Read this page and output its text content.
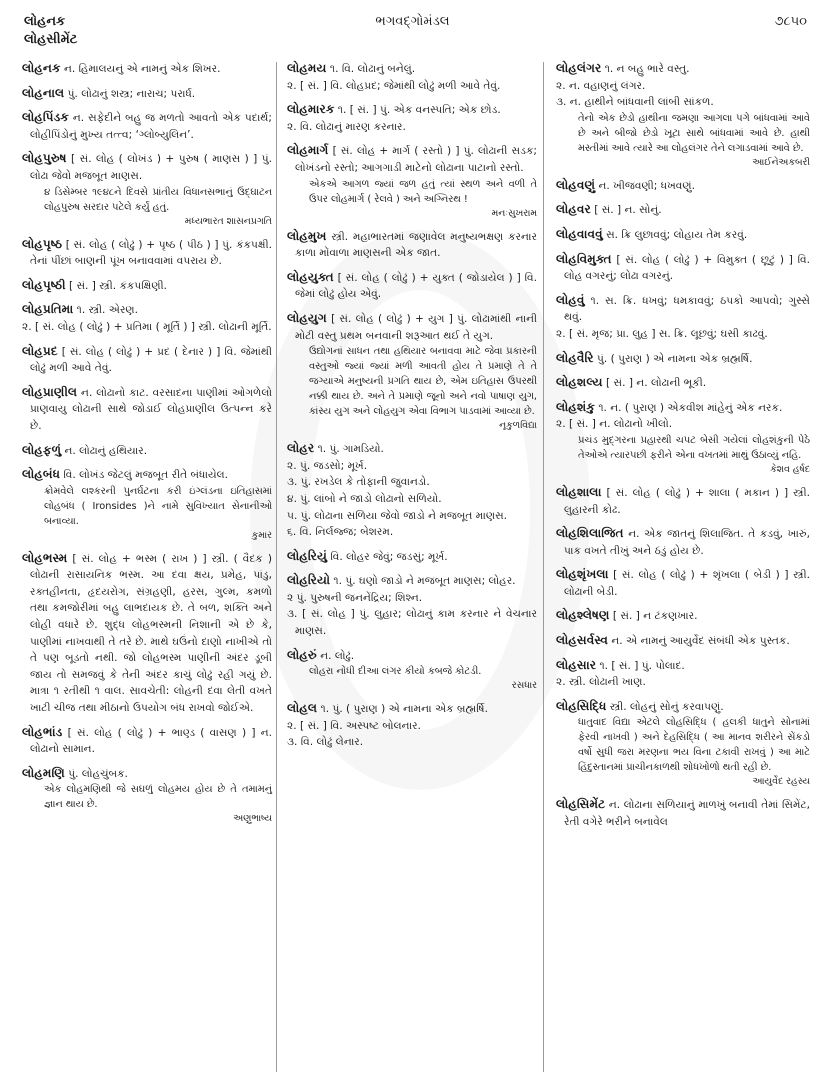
લોહનક
લોહસીમેંટ
ભગવદ્ગોમંડલ	૭૮૫૦
લોહનક ન. હિમાલયનું એ નામનું એક શિખર.
લોહનાલ પું. લોઢાનું શસ્ત્ર; નારાચ; પરાર્ધ.
લોહપિંડક ન. સફેદીને બહુ જ મળતો આવતો એક પદાર્થ; લોહીપિંડોનું મુખ્ય તત્ત્વ; ‘ગ્લોબ્યુલિન’.
લોહપુરુષ [ સં. લોહ ( લોખંડ ) + પુરુષ ( માણસ ) ] પું. લોઢા જેવો મજબૂત માણસ.
૪ ડિસેમ્બર ૧૯૪૮ને દિવસે પ્રાંતીય વિધાનસભાનું ઉદ્ઘાટન લોહપુરુષ સરદાર પટેલે કર્યું હતું.
મધ્યભારત શાસનપ્રગતિ
લોહપૃષ્ઠ [ સં. લોહ ( લોઢું ) + પૃષ્ઠ ( પીઠ ) ] પું. કંકપક્ષી. તેનાં પીંછાં બાણની પૂંખ બનાવવામાં વપરાય છે.
લોહપૃષ્ઠી [ સં. ] સ્ત્રી. કંકપક્ષિણી.
લોહપ્રતિમા ૧. સ્ત્રી. એરણ.
૨. [ સં. લોહ ( લોઢું ) + પ્રતિમા ( મૂર્તિ ) ] સ્ત્રી. લોઢાની મૂર્તિ.
લોહપ્રદ [ સં. લોહ ( લોઢું ) + પ્રદ ( દેનાર ) ] વિ. જેમાંથી લોઢું મળી આવે તેવું.
લોહપ્રાણીલ ન. લોઢાનો કાટ. વરસાદના પાણીમાં ઓગળેલો પ્રાણવાયુ લોઢાની સાથે જોડાઈ લોહપ્રાણીલ ઉત્પન્ન કરે છે.
લોહફળું ન. લોઢાનું હથિયાર.
લોહબંધ વિ. લોખંડ જેટલું મજબૂત રીતે બંધાયેલ.
ક્રોમવેલે લશ્કરની પુનર્ઘટના કરી ઇંગ્લંડના ઇતિહાસમાં લોહબંધ ( Ironsides )ને નામે સુવિખ્યાત સેનાનીઓ બનાવ્યા.
કુમાર
લોહભસ્મ [ સં. લોહ + ભસ્મ ( રાખ ) ] સ્ત્રી. ( વૈદક ) લોઢાની રાસાયનિક ભસ્મ. આ દવા ક્ષય, પ્રમેહ, પાંડુ, રક્તહીનતા, હૃદયરોગ, સંગ્રહણી, હરસ, ગુલ્મ, કમળો તથા કમજોરીમાં બહુ લાભદાયક છે. તે બળ, શક્તિ અને લોહી વધારે છે. શુદ્ધ લોહભસ્મની નિશાની એ છે કે, પાણીમાં નાખવાથી તે તરે છે. માથે ઘઉંનો દાણો નાખીએ તો તે પણ બૂડતો નથી. જો લોહભસ્મ પાણીની અંદર ડૂબી જાય તો સમજવું કે તેની અંદર કાચું લોઢું રહી ગયું છે. માત્રા ૧ રતીથી ૧ વાલ. સાવચેતી: લોહની દવા લેતી વખતે ખાટી ચીજ તથા મીઠાનો ઉપયોગ બંધ રાખવો જોઈએ.
લોહભાંડ [ સં. લોહ ( લોઢું ) + ભાણ્ડ ( વાસણ ) ] ન. લોઢાનો સામાન.
લોહમણિ પું. લોહચુંબક.
એક લોહમણિથી જે સઘળું લોહમય હોય છે તે તમામનું જ્ઞાન થાય છે.
અણુભાષ્ય
લોહમય ૧. વિ. લોઢાનું બનેલું.
૨. [ સં. ] વિ. લોહપ્રદ; જેમાંથી લોઢું મળી આવે તેવું.
લોહમારક ૧. [ સં. ] પું. એક વનસ્પતિ; એક છોડ.
૨. વિ. લોઢાનું મારણ કરનાર.
લોહમાર્ગ [ સં. લોહ + માર્ગ ( રસ્તો ) ] પું. લોઢાની સડક; લોખંડનો રસ્તો; આગગાડી માટેનો લોઢાના પાટાનો રસ્તો.
એકએ આગળ જ્યાં જળ હતું ત્યાં સ્થળ અને વળી તે ઉપર લોહમાર્ગ ( રેલવે ) અને અગ્નિરથ !
મનઃસુખરામ
લોહમુખ સ્ત્રી. મહાભારતમાં જણાવેલ મનુષ્યભક્ષણ કરનાર કાળા મોંવાળા માણસની એક જાત.
લોહયુક્ત [ સં. લોહ ( લોઢું ) + યુક્ત ( જોડાયેલ ) ] વિ. જેમાં લોઢું હોય એવું.
લોહયુગ [ સં. લોહ ( લોઢું ) + યુગ ] પું. લોઢામાંથી નાની મોટી વસ્તુ પ્રથમ બનવાની શરૂઆત થઈ તે યુગ.
ઉદ્યોગનાં સાધન તથા હથિયાર બનાવવા માટે જેવા પ્રકારની વસ્તુઓ જ્યાં જ્યાં મળી આવતી હોય તે પ્રમાણે તે તે જગ્યાએ મનુષ્યની પ્રગતિ થાય છે, એમ ઇતિહાસ ઉપરથી નક્કી થાય છે. અને તે પ્રમાણે જૂનો અને નવો પાષાણ યુગ, કાંસ્ય યુગ અને લોહયુગ એવા વિભાગ પાડવામાં આવ્યા છે.
નૃકુળવિદ્યા
લોહર ૧. પું. ગામડિયો.
૨. પું. જડસો; મૂર્ખ.
૩. પું. રખડેલ કે તોફાની જુવાનડો.
૪. પું. લાંબો ને જાડો લોઢાનો સળિયો.
૫. પું. લોઢાના સળિયા જેવો જાડો ને મજબૂત માણસ.
૬. વિ. નિર્લજ્જ; બેશરમ.
લોહરિયું વિ. લોહર જેવું; જડસું; મૂર્ખ.
લોહરિયો ૧. પું. ઘણો જાડો ને મજબૂત માણસ; લોહર.
૨ પું. પુરુષની જનનેંદ્રિય; શિશ્ન.
૩. [ સં. લોહ ] પું. લુહાર; લોઢાનું કામ કરનાર ને વેચનાર માણસ.
લોહરું ન. લોઢું.
લોહરા નોંધી દીઆ લંગર કીયો કબજે કોટડી.
રસધાર
લોહલ ૧. પું. ( પુરાણ ) એ નામના એક બ્રહ્મર્ષિ.
૨. [ સં. ] વિ. અસ્પષ્ટ બોલનાર.
૩. વિ. લોઢું લેનાર.
લોહલંગર ૧. ન બહુ ભારે વસ્તુ.
૨. ન. વહાણનું લંગર.
૩. ન. હાથીને બાંધવાની લાંબી સાંકળ.
તેનો એક છેડો હાથીના જમણા આગલા પગે બાંધવામાં આવે છે અને બીજો છેડો ખૂટા સાથે બાંધવામાં આવે છે. હાથી મસ્તીમાં આવે ત્યારે આ લોહલંગર તેને લગાડવામાં આવે છે.
આઈનેઅકબરી
લોહવણું ન. ખીજવણી; ધખવણું.
લોહવર [ સં. ] ન. સોનું.
લોહવાવવું સ. ક્રિ લુછાવવું; લોહાય તેમ કરવું.
લોહવિમુક્ત [ સં. લોહ ( લોઢું ) + વિમુક્ત ( છૂટું ) ] વિ. લોહ વગરનું; લોઢા વગરનું.
લોહવું ૧. સ. ક્રિ. ધખવું; ધમકાવવું; ઠપકો આપવો; ગુસ્સે થવું.
૨. [ સં. મૃજ; પ્રા. લુહ ] સ. ક્રિ. લૂછવું; ઘસી કાઢવું.
લોહવૈરિ પું. ( પુરાણ ) એ નામના એક બ્રહ્મર્ષિ.
લોહશલ્ય [ સં. ] ન. લોઢાની ભૂકી.
લોહશંકુ ૧. ન. ( પુરાણ ) એકવીશ માંહેનું એક નરક.
૨. [ સં. ] ન. લોઢાનો ખીલો.
પ્રચંડ મુદ્ગરના પ્રહારથી ચપટ બેસી ગયેલાં લોહશંકુની પેઠે તેઓએ ત્યારપછી ફરીને એના વખતમાં માથું ઉઠાવ્યું નહિ.
કેશવ હર્ષદ
લોહશાલા [ સં. લોહ ( લોઢું ) + શાલા ( મકાન ) ] સ્ત્રી. લુહારની કોઢ.
લોહશિલાજિત ન. એક જાતનું શિલાજિત. તે કડવું, ખારું, પાક વખતે તીખું અને ઠંડું હોય છે.
લોહશૃંખલા [ સં. લોહ ( લોઢું ) + શૃંખલા ( બેડી ) ] સ્ત્રી. લોઢાની બેડી.
લોહશ્લેષણ [ સં. ] ન ટંકણખાર.
લોહસર્વસ્વ ન. એ નામનું આયુર્વેદ સંબંધી એક પુસ્તક.
લોહસાર ૧. [ સં. ] પું. પોલાદ.
૨. સ્ત્રી. લોઢાની ખાણ.
લોહસિદ્ધિ સ્ત્રી. લોહનું સોનું કરવાપણું.
ધાતુવાદ વિદ્યા એટલે લોહસિદ્ધિ ( હલકી ધાતુને સોનામાં ફેરવી નાખવી ) અને દેહસિદ્ધિ ( આ માનવ શરીરને સેંકડો વર્ષો સુધી જરા મરણના ભય વિના ટકાવી રાખવું ) આ માટે હિંદુસ્તાનમાં પ્રાચીનકાળથી શોધખોળો થતી રહી છે.
આયુર્વેદ રહસ્ય
લોહસિમેંટ ન. લોઢાના સળિયાનું માળખું બનાવી તેમાં સિમેંટ, રેતી વગેરે ભરીને બનાવેલ
